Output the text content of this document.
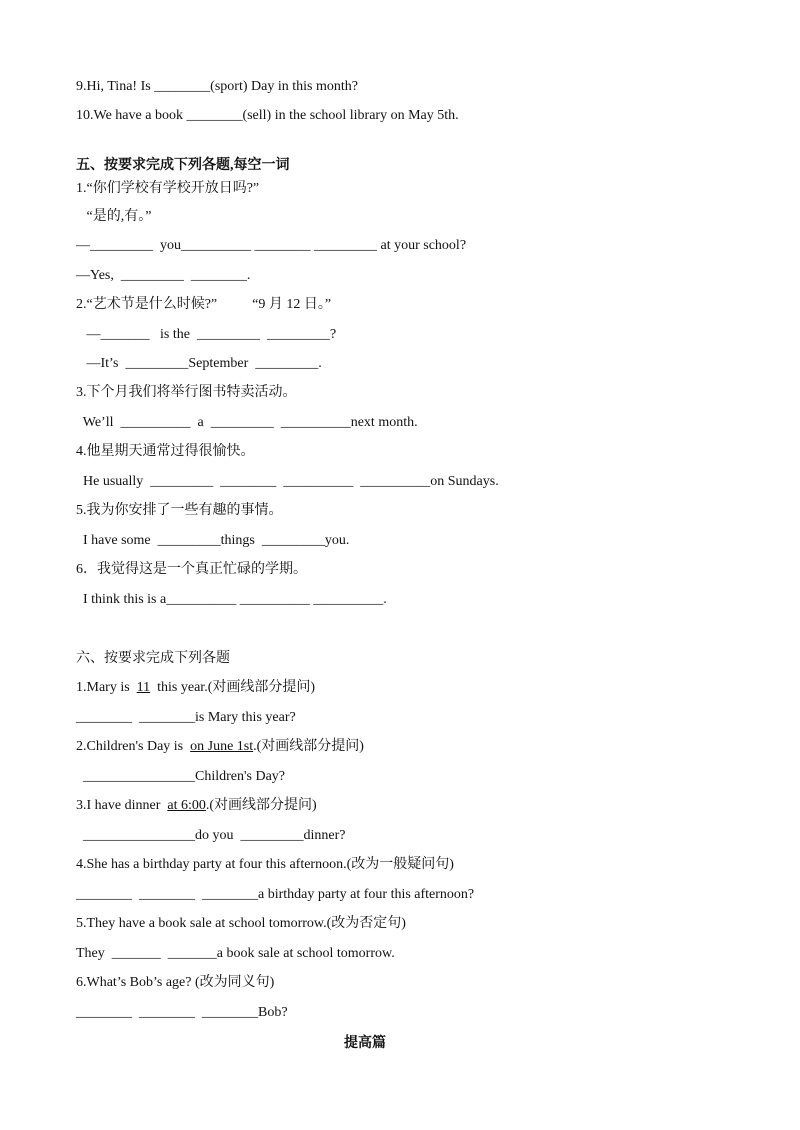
9.Hi, Tina! Is ________(sport) Day in this month?
10.We have a book ________(sell) in the school library on May 5th.
五、按要求完成下列各题,每空一词
1.“你们学校有学校开放日吗?”
“是的,有。”
—_________  you__________ ________ _________ at your school?
—Yes,  _________  ________.
2.“艺术节是什么时候?”          “9 月 12 日。”
—_______   is the  _________  _________?
—It’s  _________September  _________.
3.下个月我们将举行图书特卖活动。
We’ll  __________  a  _________  __________next month.
4.他星期天通常过得很愉快。
He usually  _________  ________  __________  __________on Sundays.
5.我为你安排了一些有趣的事情。
I have some  _________things  _________you.
6．我觉得这是一个真正忙碌的学期。
I think this is a__________ __________ __________.
六、按要求完成下列各题
1.Mary is  11  this year.(对画线部分提问)
________  ________is Mary this year?
2.Children's Day is  on June 1st.(对画线部分提问)
________________Children's Day?
3.I have dinner  at 6:00.(对画线部分提问)
________________do you  _________dinner?
4.She has a birthday party at four this afternoon.(改为一般疑问句)
________  ________  ________a birthday party at four this afternoon?
5.They have a book sale at school tomorrow.(改为否定句)
They  _______  _______a book sale at school tomorrow.
6.What’s Bob’s age? (改为同义句)
________  ________  ________Bob?
提高篇
